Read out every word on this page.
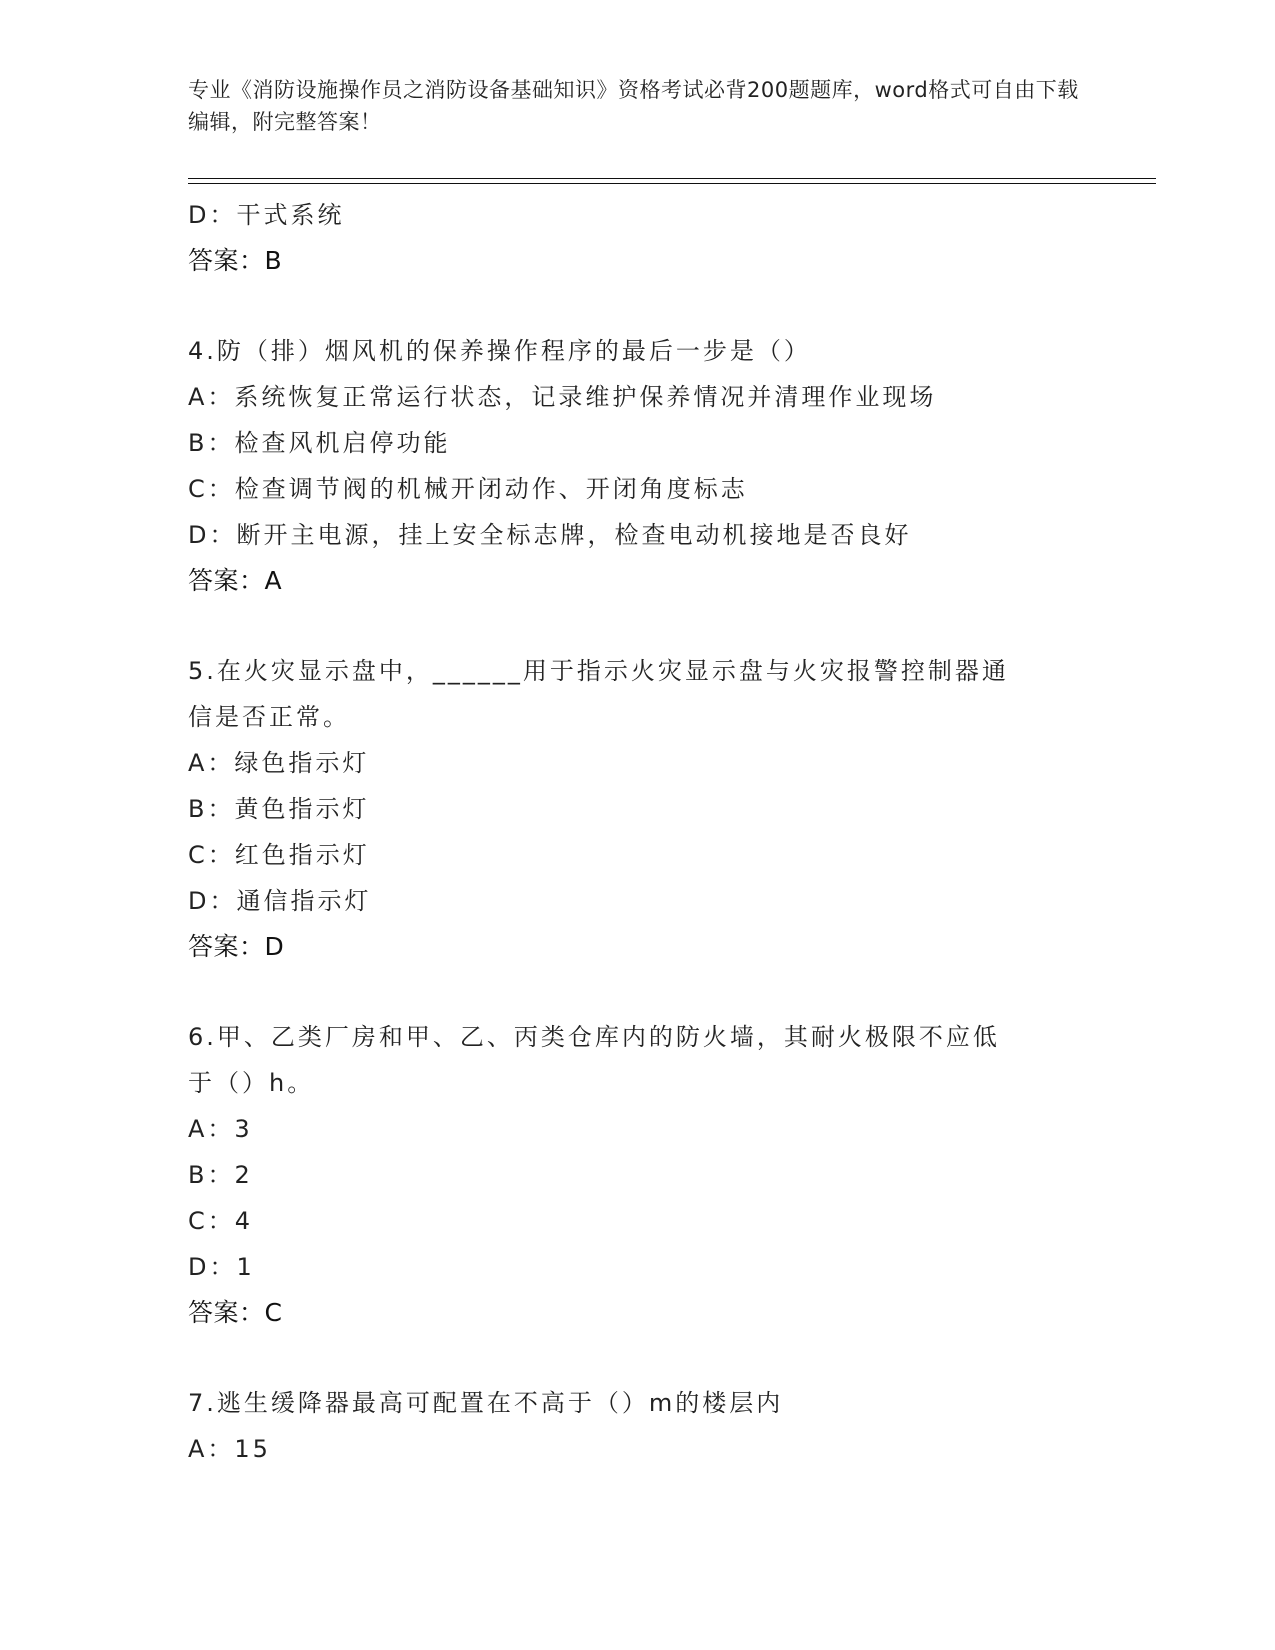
专业《消防设施操作员之消防设备基础知识》资格考试必背200题题库，word格式可自由下载编辑，附完整答案！
D：干式系统
答案：B
4.防（排）烟风机的保养操作程序的最后一步是（）
A：系统恢复正常运行状态，记录维护保养情况并清理作业现场
B：检查风机启停功能
C：检查调节阀的机械开闭动作、开闭角度标志
D：断开主电源，挂上安全标志牌，检查电动机接地是否良好
答案：A
5.在火灾显示盘中，______用于指示火灾显示盘与火灾报警控制器通
信是否正常。
A：绿色指示灯
B：黄色指示灯
C：红色指示灯
D：通信指示灯
答案：D
6.甲、乙类厂房和甲、乙、丙类仓库内的防火墙，其耐火极限不应低
于（）h。
A：3
B：2
C：4
D：1
答案：C
7.逃生缓降器最高可配置在不高于（）m的楼层内
A：15
